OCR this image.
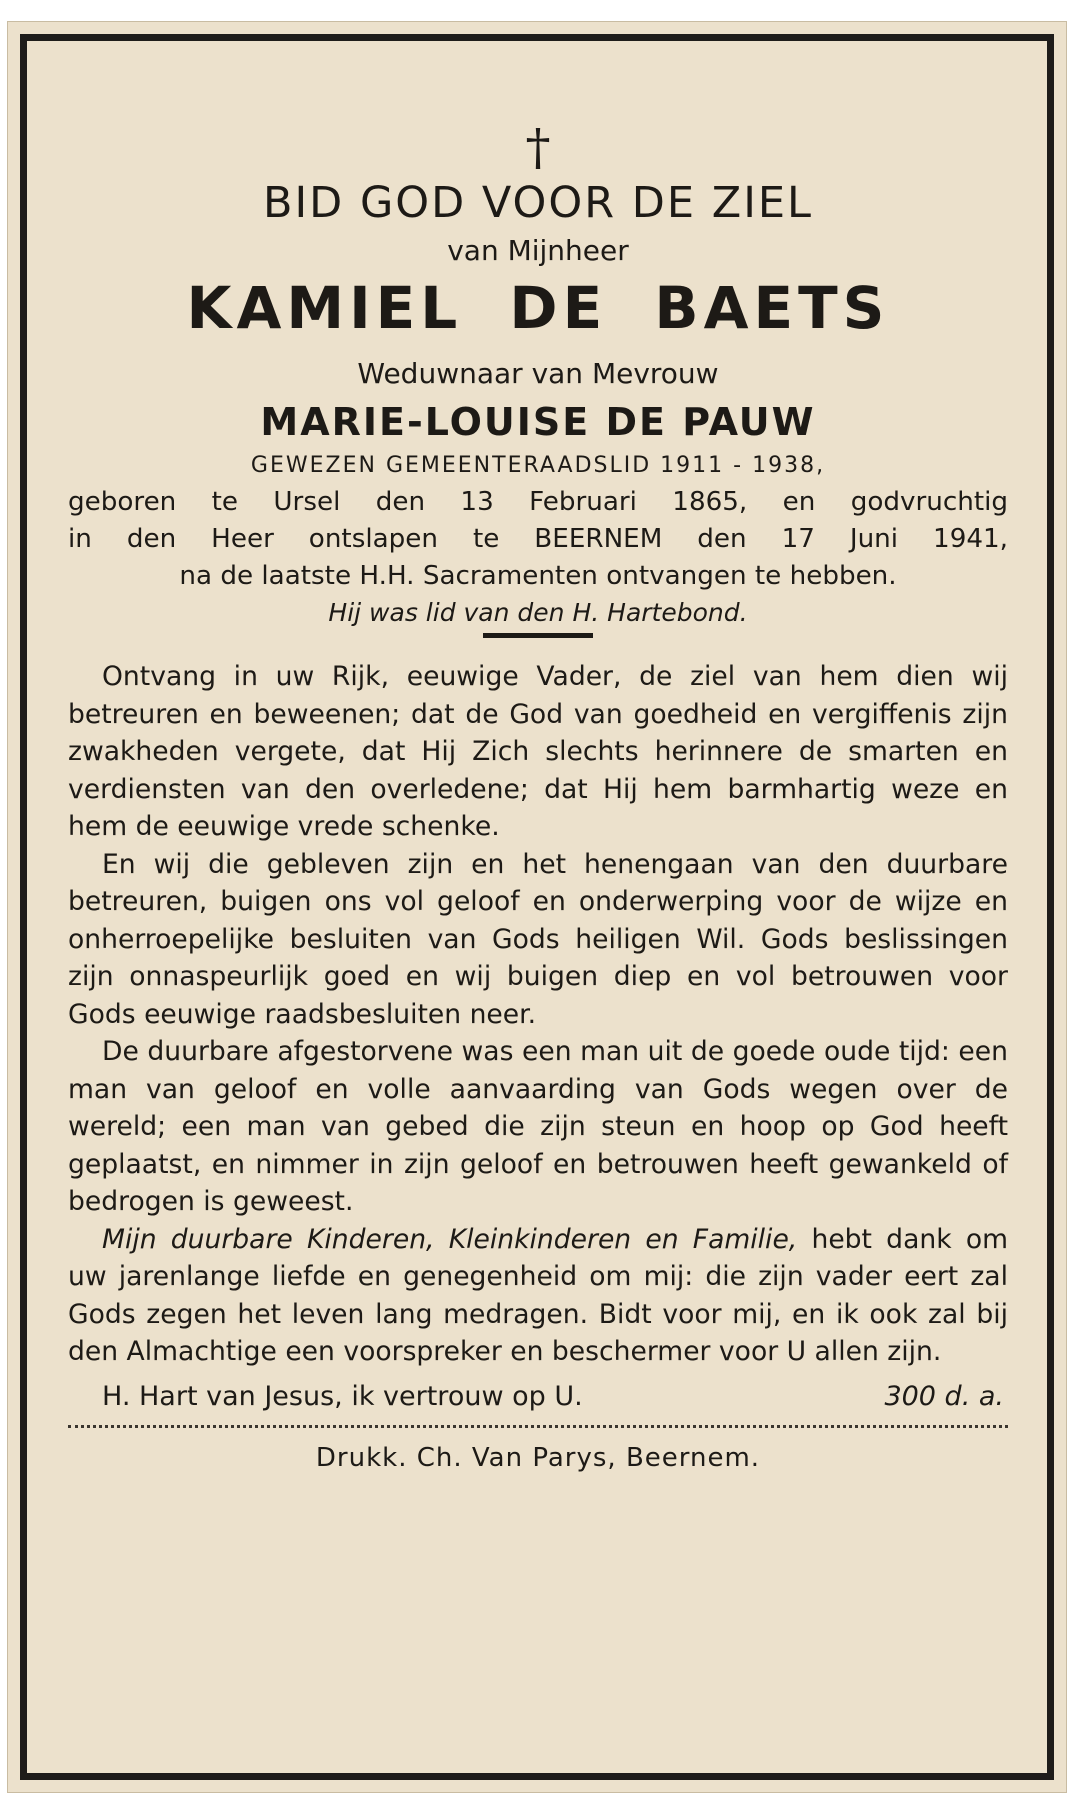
†
BID GOD VOOR DE ZIEL
van Mijnheer
KAMIEL DE BAETS
Weduwnaar van Mevrouw
MARIE-LOUISE DE PAUW
GEWEZEN GEMEENTERAADSLID 1911 - 1938,
geboren te Ursel den 13 Februari 1865, en godvruchtig
in den Heer ontslapen te BEERNEM den 17 Juni 1941,
na de laatste H.H. Sacramenten ontvangen te hebben.
Hij was lid van den H. Hartebond.

Ontvang in uw Rijk, eeuwige Vader, de ziel van hem dien wij betreuren en beweenen; dat de God van goedheid en vergiffenis zijn zwakheden vergete, dat Hij Zich slechts herinnere de smarten en verdiensten van den overledene; dat Hij hem barmhartig weze en hem de eeuwige vrede schenke.

En wij die gebleven zijn en het henengaan van den duurbare betreuren, buigen ons vol geloof en onderwerping voor de wijze en onherroepelijke besluiten van Gods heiligen Wil. Gods beslissingen zijn onnaspeurlijk goed en wij buigen diep en vol betrouwen voor Gods eeuwige raadsbesluiten neer.

De duurbare afgestorvene was een man uit de goede oude tijd: een man van geloof en volle aanvaarding van Gods wegen over de wereld; een man van gebed die zijn steun en hoop op God heeft geplaatst, en nimmer in zijn geloof en betrouwen heeft gewankeld of bedrogen is geweest.

Mijn duurbare Kinderen, Kleinkinderen en Familie, hebt dank om uw jarenlange liefde en genegenheid om mij: die zijn vader eert zal Gods zegen het leven lang medragen. Bidt voor mij, en ik ook zal bij den Almachtige een voorspreker en beschermer voor U allen zijn.

H. Hart van Jesus, ik vertrouw op U.	300 d. a.
Drukk. Ch. Van Parys, Beernem.
